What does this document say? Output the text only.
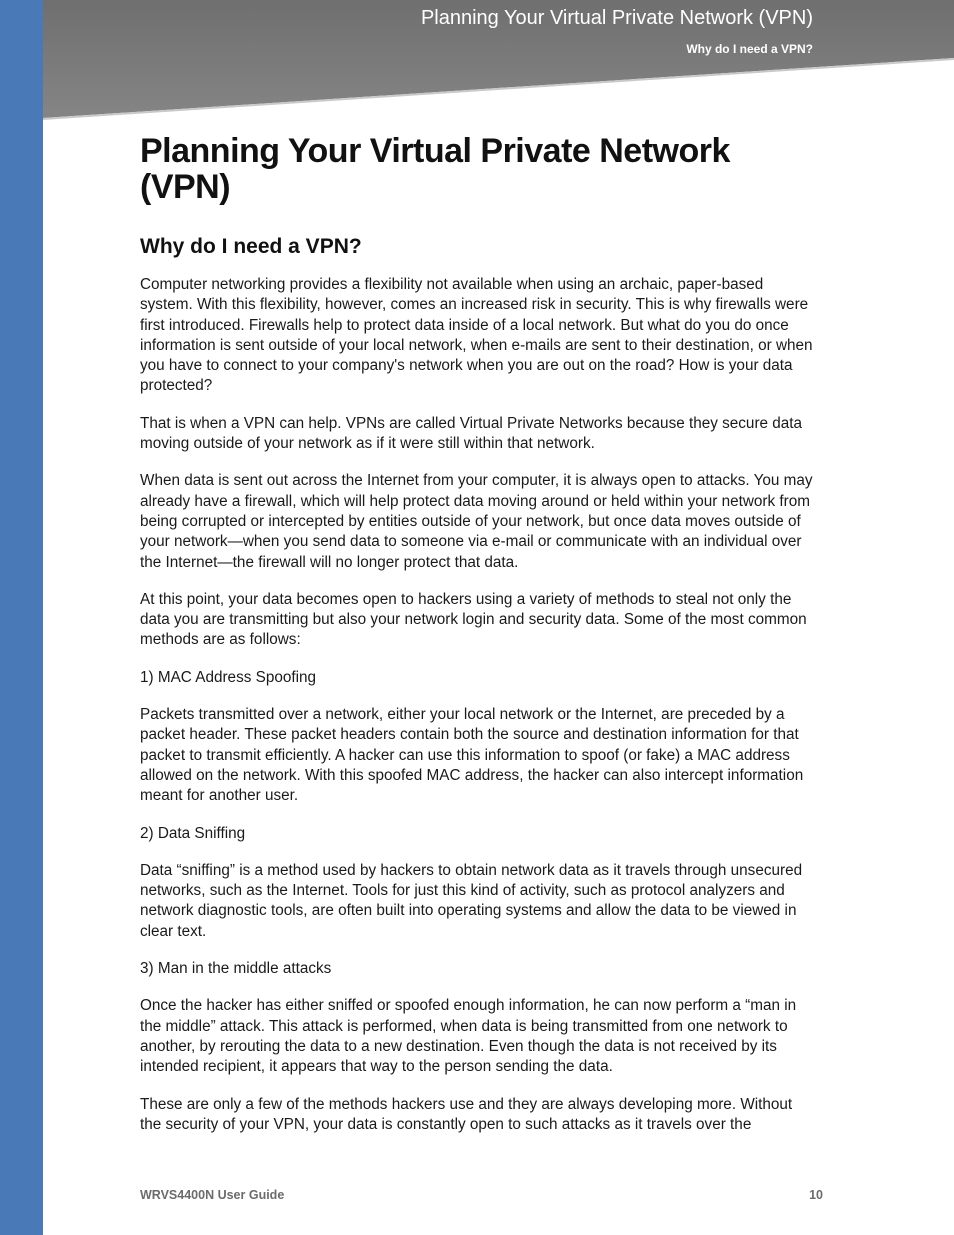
Planning Your Virtual Private Network (VPN)
Why do I need a VPN?
Planning Your Virtual Private Network (VPN)
Why do I need a VPN?

Computer networking provides a flexibility not available when using an archaic, paper-based system. With this flexibility, however, comes an increased risk in security. This is why firewalls were first introduced. Firewalls help to protect data inside of a local network. But what do you do once information is sent outside of your local network, when e-mails are sent to their destination, or when you have to connect to your company's network when you are out on the road? How is your data protected?

That is when a VPN can help. VPNs are called Virtual Private Networks because they secure data moving outside of your network as if it were still within that network.

When data is sent out across the Internet from your computer, it is always open to attacks. You may already have a firewall, which will help protect data moving around or held within your network from being corrupted or intercepted by entities outside of your network, but once data moves outside of your network—when you send data to someone via e-mail or communicate with an individual over the Internet—the firewall will no longer protect that data.

At this point, your data becomes open to hackers using a variety of methods to steal not only the data you are transmitting but also your network login and security data. Some of the most common methods are as follows:

1) MAC Address Spoofing

Packets transmitted over a network, either your local network or the Internet, are preceded by a packet header. These packet headers contain both the source and destination information for that packet to transmit efficiently. A hacker can use this information to spoof (or fake) a MAC address allowed on the network. With this spoofed MAC address, the hacker can also intercept information meant for another user.

2) Data Sniffing

Data “sniffing” is a method used by hackers to obtain network data as it travels through unsecured networks, such as the Internet. Tools for just this kind of activity, such as protocol analyzers and network diagnostic tools, are often built into operating systems and allow the data to be viewed in clear text.

3) Man in the middle attacks

Once the hacker has either sniffed or spoofed enough information, he can now perform a “man in the middle” attack. This attack is performed, when data is being transmitted from one network to another, by rerouting the data to a new destination. Even though the data is not received by its intended recipient, it appears that way to the person sending the data.

These are only a few of the methods hackers use and they are always developing more. Without the security of your VPN, your data is constantly open to such attacks as it travels over the

WRVS4400N User Guide	10
